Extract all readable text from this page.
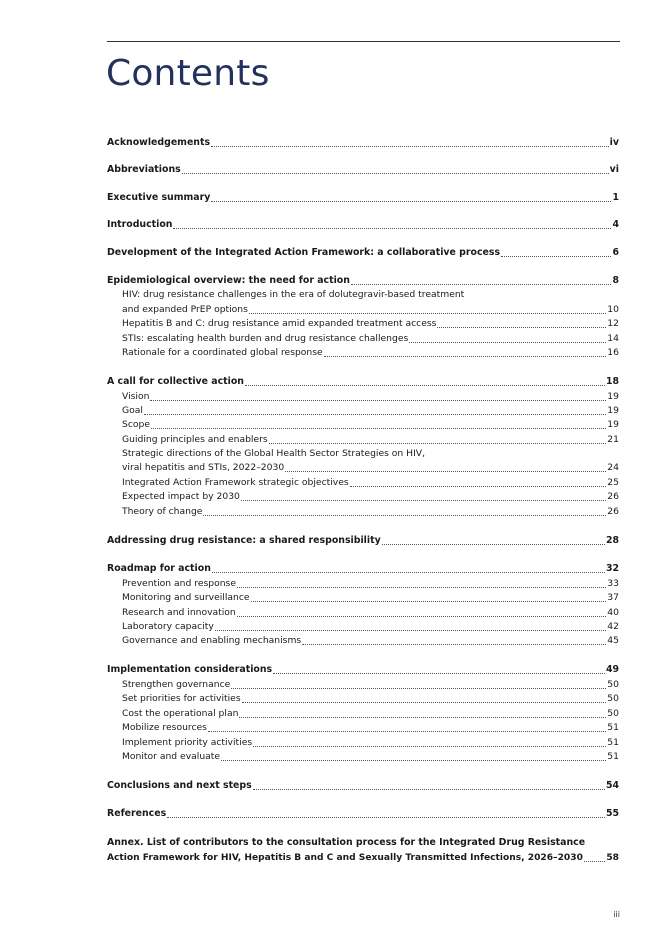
Contents
Acknowledgements	iv
Abbreviations	vi
Executive summary	1
Introduction	4
Development of the Integrated Action Framework: a collaborative process	6
Epidemiological overview: the need for action	8
HIV: drug resistance challenges in the era of dolutegravir-based treatment
and expanded PrEP options	10
Hepatitis B and C: drug resistance amid expanded treatment access	12
STIs: escalating health burden and drug resistance challenges	14
Rationale for a coordinated global response	16
A call for collective action	18
Vision	19
Goal	19
Scope	19
Guiding principles and enablers	21
Strategic directions of the Global Health Sector Strategies on HIV,
viral hepatitis and STIs, 2022–2030	24
Integrated Action Framework strategic objectives	25
Expected impact by 2030	26
Theory of change	26
Addressing drug resistance: a shared responsibility	28
Roadmap for action	32
Prevention and response	33
Monitoring and surveillance	37
Research and innovation	40
Laboratory capacity	42
Governance and enabling mechanisms	45
Implementation considerations	49
Strengthen governance	50
Set priorities for activities	50
Cost the operational plan	50
Mobilize resources	51
Implement priority activities	51
Monitor and evaluate	51
Conclusions and next steps	54
References	55
Annex. List of contributors to the consultation process for the Integrated Drug Resistance
Action Framework for HIV, Hepatitis B and C and Sexually Transmitted Infections, 2026–2030	58
iii
